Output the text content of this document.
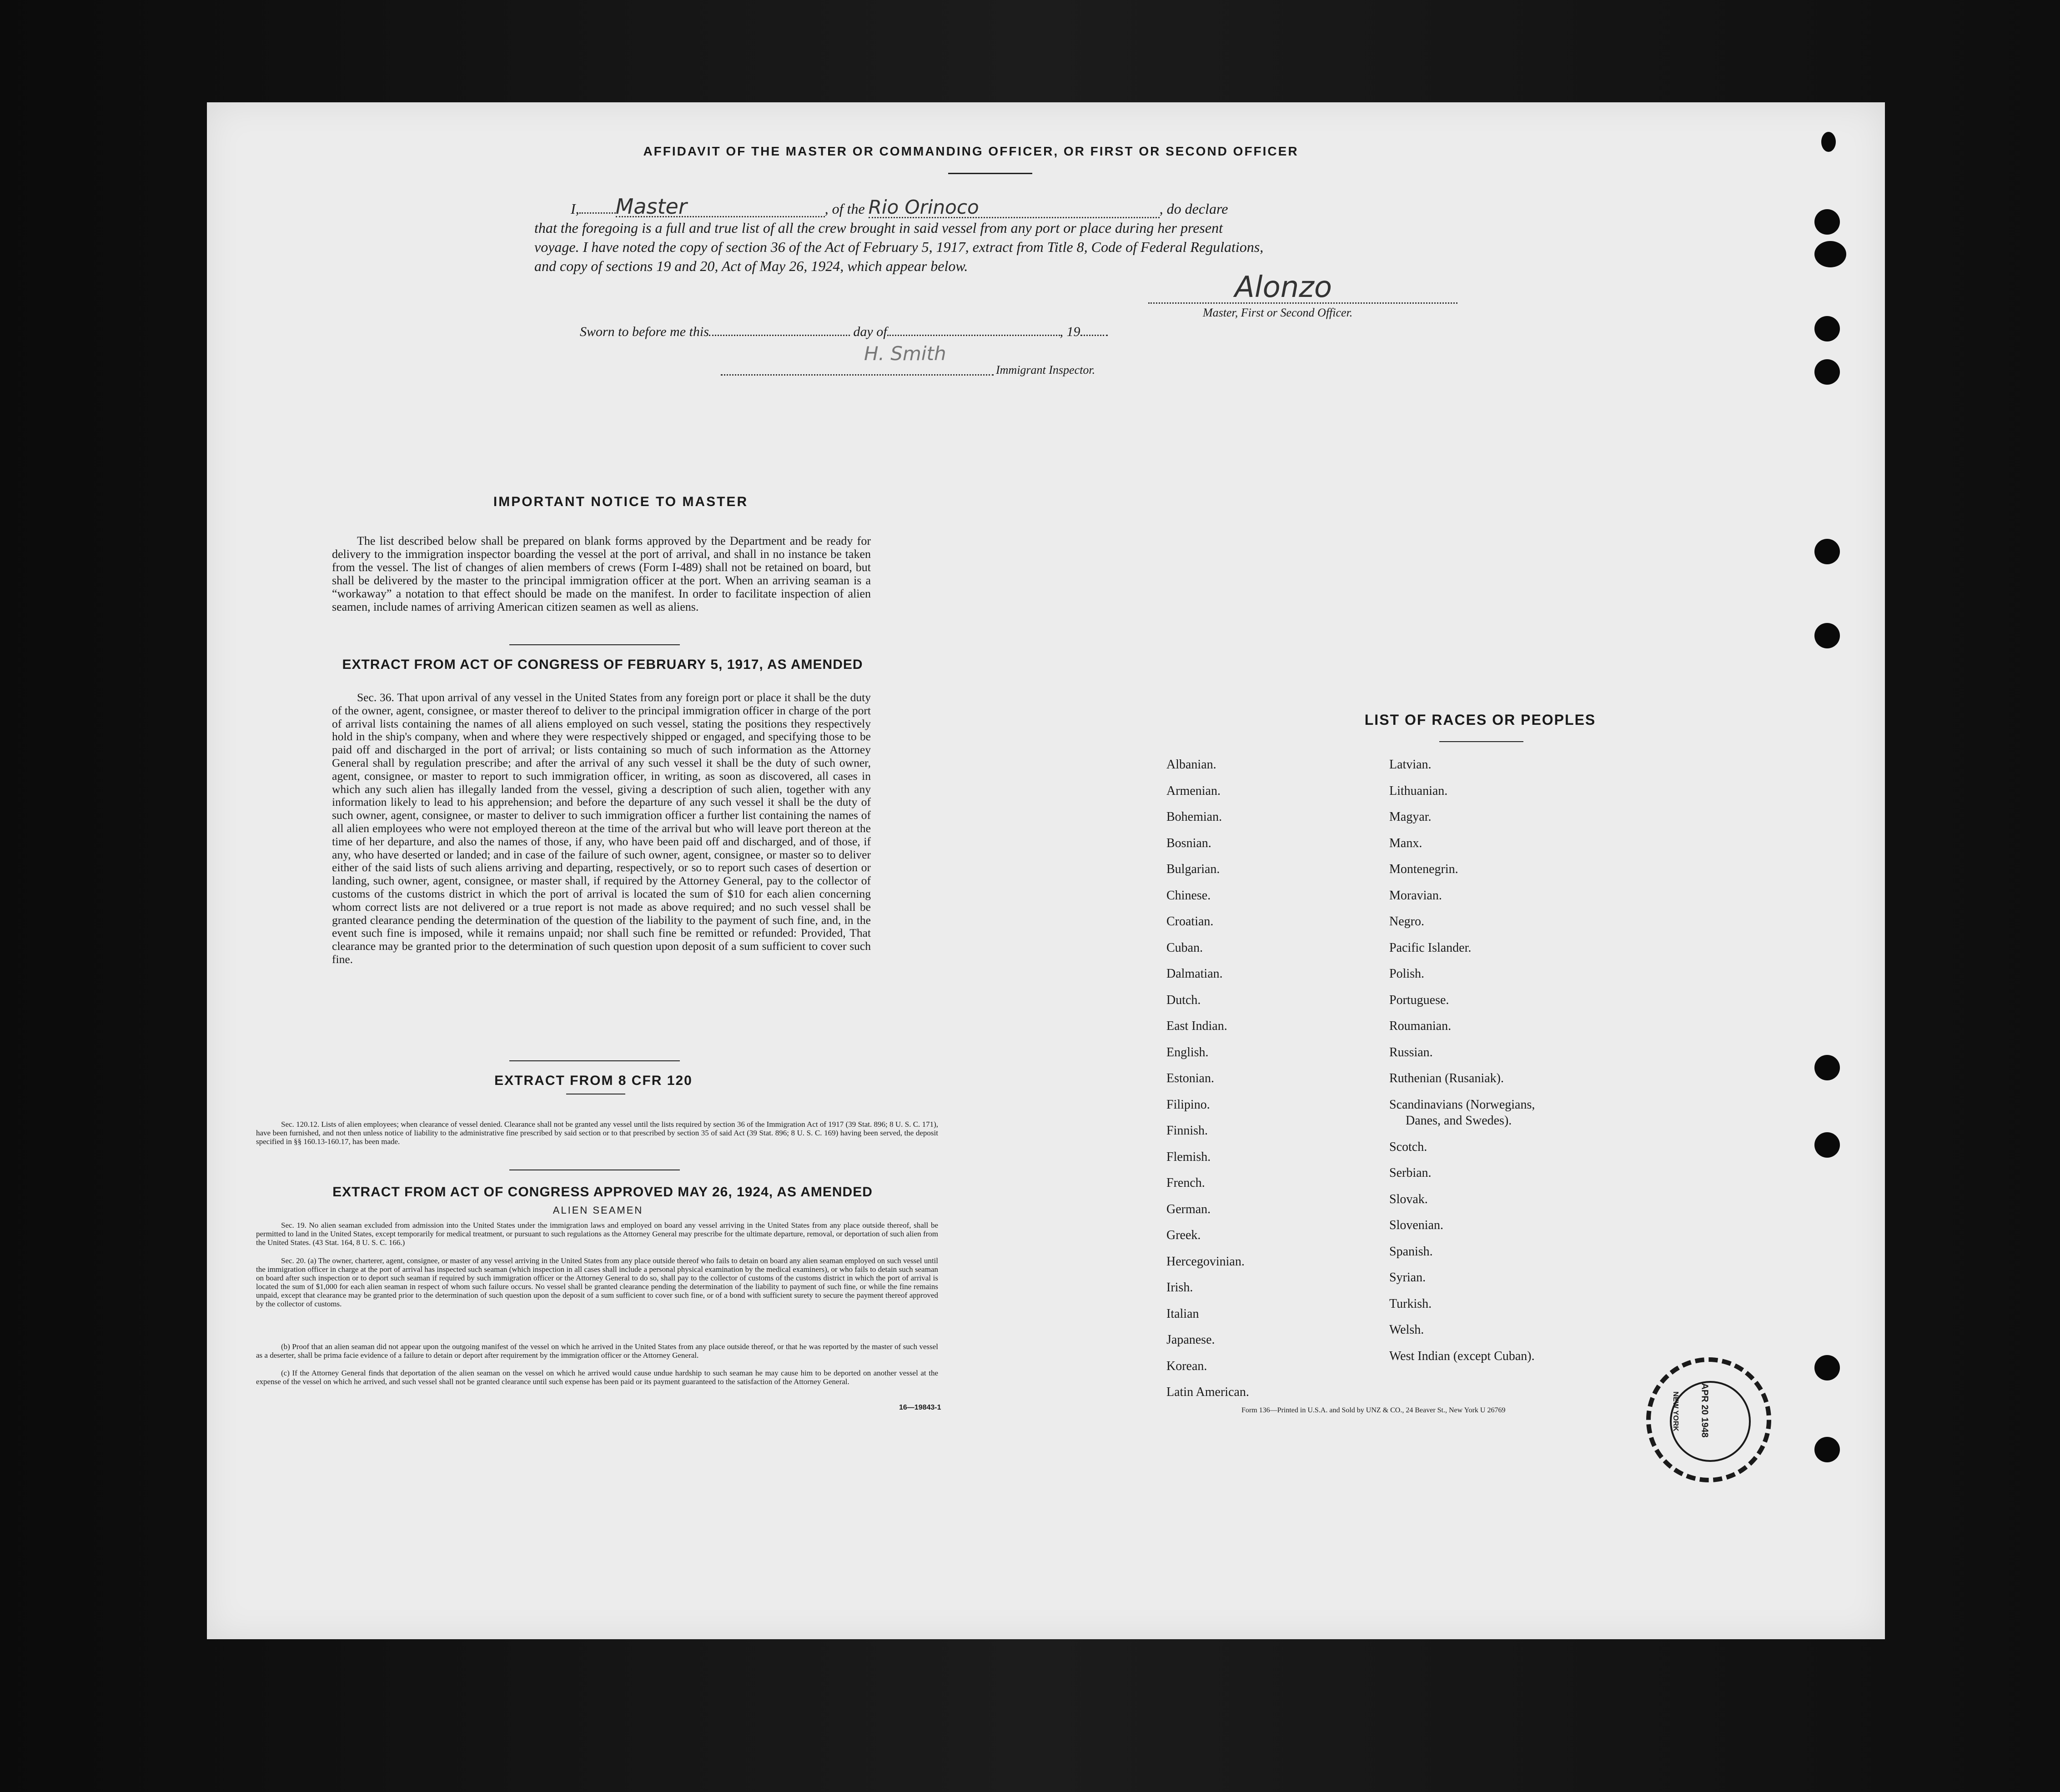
AFFIDAVIT OF THE MASTER OR COMMANDING OFFICER, OR FIRST OR SECOND OFFICER
I, Master	, of the Rio Orinoco	, do declare
that the foregoing is a full and true list of all the crew brought in said vessel from any port or place during her present
voyage. I have noted the copy of section 36 of the Act of February 5, 1917, extract from Title 8, Code of Federal Regulations,
and copy of sections 19 and 20, Act of May 26, 1924, which appear below.
Alonzo
Master, First or Second Officer.
Sworn to before me this	day of	, 19
H. Smith
Immigrant Inspector.
IMPORTANT NOTICE TO MASTER
The list described below shall be prepared on blank forms approved by the Department and be ready for delivery to the immigration inspector boarding the vessel at the port of arrival, and shall in no instance be taken from the vessel. The list of changes of alien members of crews (Form I-489) shall not be retained on board, but shall be delivered by the master to the principal immigration officer at the port. When an arriving seaman is a “workaway” a notation to that effect should be made on the manifest. In order to facilitate inspection of alien seamen, include names of arriving American citizen seamen as well as aliens.
EXTRACT FROM ACT OF CONGRESS OF FEBRUARY 5, 1917, AS AMENDED
Sec. 36. That upon arrival of any vessel in the United States from any foreign port or place it shall be the duty of the owner, agent, consignee, or master thereof to deliver to the principal immigration officer in charge of the port of arrival lists containing the names of all aliens employed on such vessel, stating the positions they respectively hold in the ship's company, when and where they were respectively shipped or engaged, and specifying those to be paid off and discharged in the port of arrival; or lists containing so much of such information as the Attorney General shall by regulation prescribe; and after the arrival of any such vessel it shall be the duty of such owner, agent, consignee, or master to report to such immigration officer, in writing, as soon as discovered, all cases in which any such alien has illegally landed from the vessel, giving a description of such alien, together with any information likely to lead to his apprehension; and before the departure of any such vessel it shall be the duty of such owner, agent, consignee, or master to deliver to such immigration officer a further list containing the names of all alien employees who were not employed thereon at the time of the arrival but who will leave port thereon at the time of her departure, and also the names of those, if any, who have been paid off and discharged, and of those, if any, who have deserted or landed; and in case of the failure of such owner, agent, consignee, or master so to deliver either of the said lists of such aliens arriving and departing, respectively, or so to report such cases of desertion or landing, such owner, agent, consignee, or master shall, if required by the Attorney General, pay to the collector of customs of the customs district in which the port of arrival is located the sum of $10 for each alien concerning whom correct lists are not delivered or a true report is not made as above required; and no such vessel shall be granted clearance pending the determination of the question of the liability to the payment of such fine, and, in the event such fine is imposed, while it remains unpaid; nor shall such fine be remitted or refunded: Provided, That clearance may be granted prior to the determination of such question upon deposit of a sum sufficient to cover such fine.
EXTRACT FROM 8 CFR 120
Sec. 120.12. Lists of alien employees; when clearance of vessel denied. Clearance shall not be granted any vessel until the lists required by section 36 of the Immigration Act of 1917 (39 Stat. 896; 8 U. S. C. 171), have been furnished, and not then unless notice of liability to the administrative fine prescribed by said section or to that prescribed by section 35 of said Act (39 Stat. 896; 8 U. S. C. 169) having been served, the deposit specified in §§ 160.13-160.17, has been made.
EXTRACT FROM ACT OF CONGRESS APPROVED MAY 26, 1924, AS AMENDED
ALIEN SEAMEN
Sec. 19. No alien seaman excluded from admission into the United States under the immigration laws and employed on board any vessel arriving in the United States from any place outside thereof, shall be permitted to land in the United States, except temporarily for medical treatment, or pursuant to such regulations as the Attorney General may prescribe for the ultimate departure, removal, or deportation of such alien from the United States. (43 Stat. 164, 8 U. S. C. 166.)
Sec. 20. (a) The owner, charterer, agent, consignee, or master of any vessel arriving in the United States from any place outside thereof who fails to detain on board any alien seaman employed on such vessel until the immigration officer in charge at the port of arrival has inspected such seaman (which inspection in all cases shall include a personal physical examination by the medical examiners), or who fails to detain such seaman on board after such inspection or to deport such seaman if required by such immigration officer or the Attorney General to do so, shall pay to the collector of customs of the customs district in which the port of arrival is located the sum of $1,000 for each alien seaman in respect of whom such failure occurs. No vessel shall be granted clearance pending the determination of the liability to payment of such fine, or while the fine remains unpaid, except that clearance may be granted prior to the determination of such question upon the deposit of a sum sufficient to cover such fine, or of a bond with sufficient surety to secure the payment thereof approved by the collector of customs.
(b) Proof that an alien seaman did not appear upon the outgoing manifest of the vessel on which he arrived in the United States from any place outside thereof, or that he was reported by the master of such vessel as a deserter, shall be prima facie evidence of a failure to detain or deport after requirement by the immigration officer or the Attorney General.
(c) If the Attorney General finds that deportation of the alien seaman on the vessel on which he arrived would cause undue hardship to such seaman he may cause him to be deported on another vessel at the expense of the vessel on which he arrived, and such vessel shall not be granted clearance until such expense has been paid or its payment guaranteed to the satisfaction of the Attorney General.
16—19843-1
LIST OF RACES OR PEOPLES
Albanian.
Armenian.
Bohemian.
Bosnian.
Bulgarian.
Chinese.
Croatian.
Cuban.
Dalmatian.
Dutch.
East Indian.
English.
Estonian.
Filipino.
Finnish.
Flemish.
French.
German.
Greek.
Hercegovinian.
Irish.
Italian
Japanese.
Korean.
Latin American.
Latvian.
Lithuanian.
Magyar.
Manx.
Montenegrin.
Moravian.
Negro.
Pacific Islander.
Polish.
Portuguese.
Roumanian.
Russian.
Ruthenian (Rusaniak).
Scandinavians (Norwegians,
Danes, and Swedes).
Scotch.
Serbian.
Slovak.
Slovenian.
Spanish.
Syrian.
Turkish.
Welsh.
West Indian (except Cuban).
Form 136—Printed in U.S.A. and Sold by UNZ & CO., 24 Beaver St., New York U 26769	APR 20 1948
NEW YORK
